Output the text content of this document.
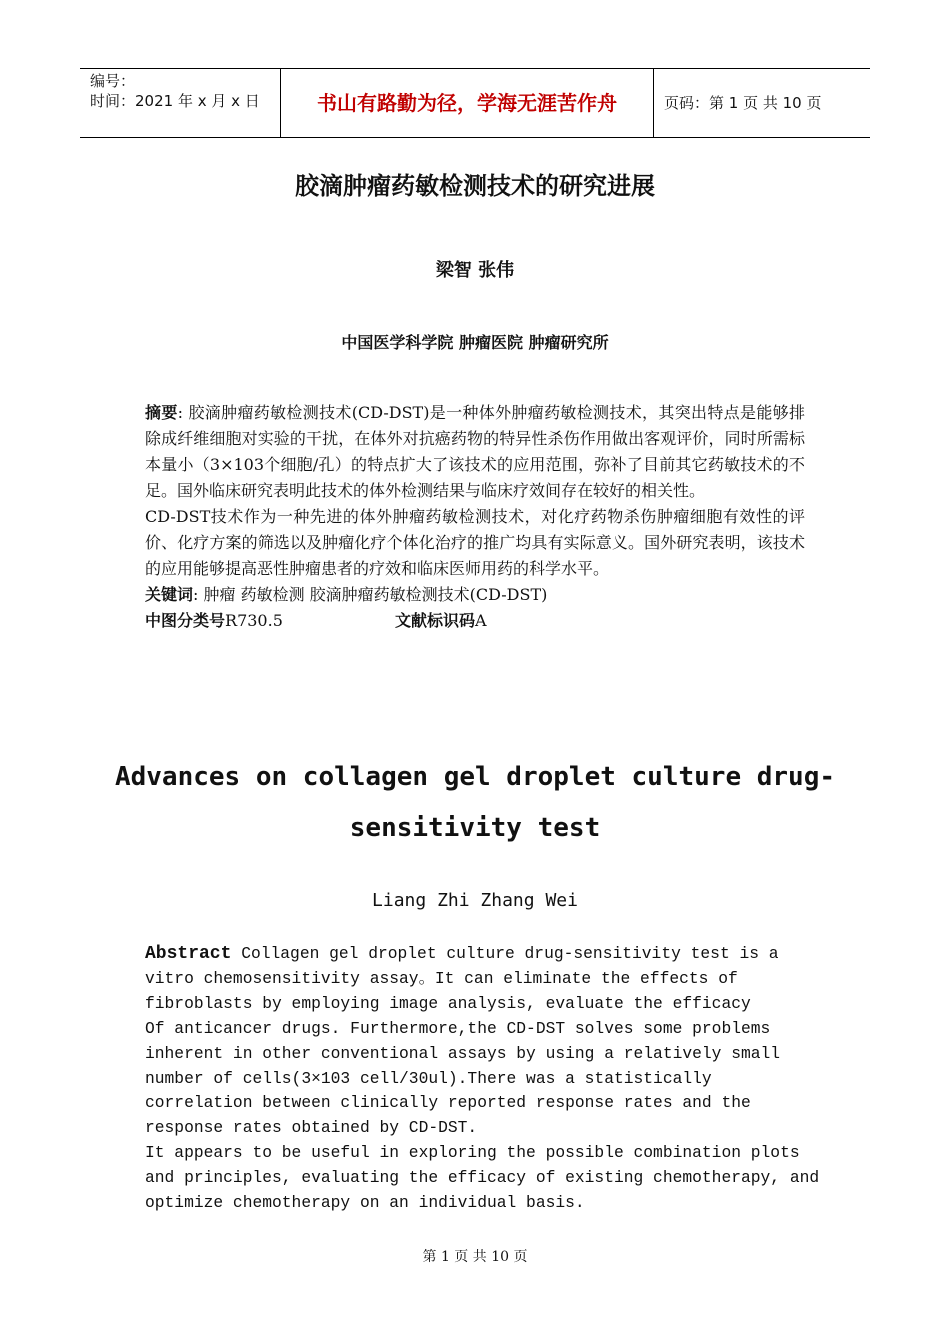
编号：
时间：2021 年 x 月 x 日	书山有路勤为径，学海无涯苦作舟	页码：第 1 页 共 10 页
胶滴肿瘤药敏检测技术的研究进展
梁智 张伟
中国医学科学院 肿瘤医院 肿瘤研究所

摘要: 胶滴肿瘤药敏检测技术(CD-DST)是一种体外肿瘤药敏检测技术，其突出特点是能够排除成纤维细胞对实验的干扰，在体外对抗癌药物的特异性杀伤作用做出客观评价，同时所需标本量小（3×103个细胞/孔）的特点扩大了该技术的应用范围，弥补了目前其它药敏技术的不足。国外临床研究表明此技术的体外检测结果与临床疗效间存在较好的相关性。

CD-DST技术作为一种先进的体外肿瘤药敏检测技术，对化疗药物杀伤肿瘤细胞有效性的评价、化疗方案的筛选以及肿瘤化疗个体化治疗的推广均具有实际意义。国外研究表明，该技术的应用能够提高恶性肿瘤患者的疗效和临床医师用药的科学水平。

关键词: 肿瘤 药敏检测 胶滴肿瘤药敏检测技术(CD-DST)

中图分类号R730.5	文献标识码A

Advances on collagen gel droplet culture drug-
sensitivity test
Liang Zhi Zhang Wei
Abstract Collagen gel droplet culture drug-sensitivity test is a
vitro chemosensitivity assay。It can eliminate the effects of
fibroblasts by employing image analysis, evaluate the efficacy
Of anticancer drugs. Furthermore,the CD-DST solves some problems
inherent in other conventional assays by using a relatively small
number of cells(3×103 cell/30ul).There was a statistically
correlation between clinically reported response rates and the
response rates obtained by CD-DST.
It appears to be useful in exploring the possible combination plots
and principles, evaluating the efficacy of existing chemotherapy, and
optimize chemotherapy on an individual basis.
第 1 页 共 10 页
